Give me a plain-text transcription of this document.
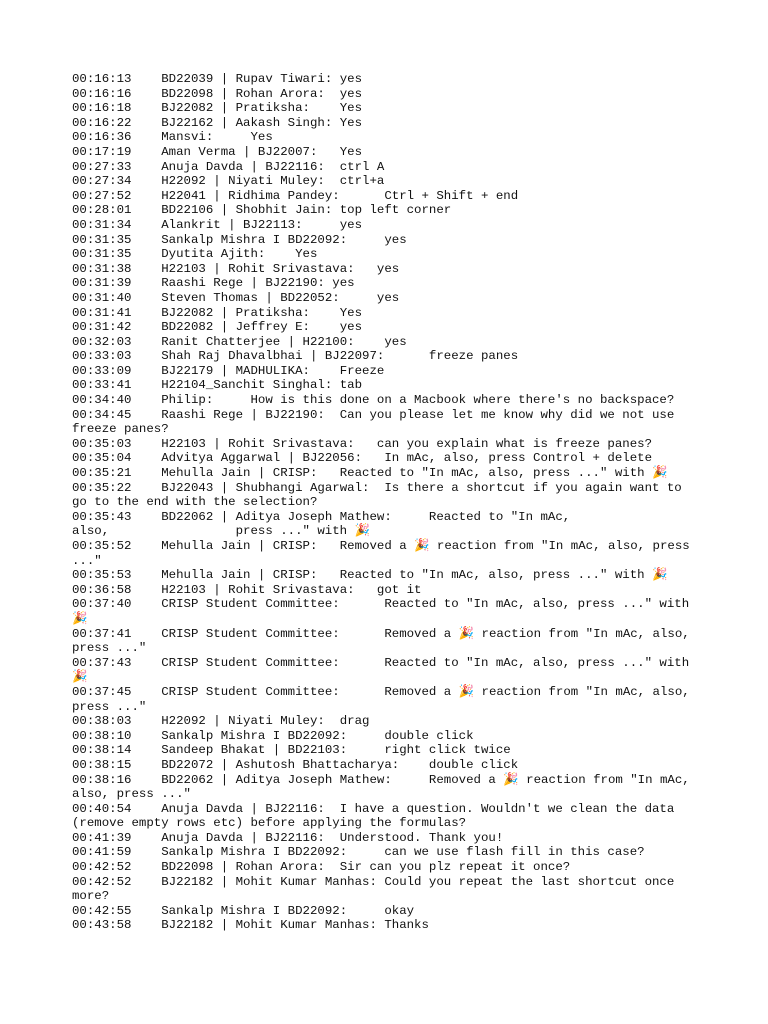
00:16:13 BD22039 | Rupav Tiwari: yes
00:16:16 BD22098 | Rohan Arora:  yes
00:16:18 BJ22082 | Pratiksha:    Yes
00:16:22 BJ22162 | Aakash Singh: Yes
00:16:36 Mansvi:     Yes
00:17:19 Aman Verma | BJ22007:   Yes
00:27:33 Anuja Davda | BJ22116:  ctrl A
00:27:34 H22092 | Niyati Muley:  ctrl+a
00:27:52 H22041 | Ridhima Pandey:      Ctrl + Shift + end
00:28:01 BD22106 | Shobhit Jain: top left corner
00:31:34 Alankrit | BJ22113:     yes
00:31:35 Sankalp Mishra I BD22092:     yes
00:31:35 Dyutita Ajith:    Yes
00:31:38 H22103 | Rohit Srivastava:   yes
00:31:39 Raashi Rege | BJ22190: yes
00:31:40 Steven Thomas | BD22052:     yes
00:31:41 BJ22082 | Pratiksha:    Yes
00:31:42 BD22082 | Jeffrey E:    yes
00:32:03 Ranit Chatterjee | H22100:    yes
00:33:03 Shah Raj Dhavalbhai | BJ22097:      freeze panes
00:33:09 BJ22179 | MADHULIKA:    Freeze
00:33:41 H22104_Sanchit Singhal: tab
00:34:40 Philip:     How is this done on a Macbook where there's no backspace?
00:34:45 Raashi Rege | BJ22190:  Can you please let me know why did we not use freeze panes?
00:35:03 H22103 | Rohit Srivastava:   can you explain what is freeze panes?
00:35:04 Advitya Aggarwal | BJ22056:   In mAc, also, press Control + delete
00:35:21 Mehulla Jain | CRISP:   Reacted to "In mAc, also, press ..." with 🎉
00:35:22 BJ22043 | Shubhangi Agarwal:  Is there a shortcut if you again want to go to the end with the selection?
00:35:43 BD22062 | Aditya Joseph Mathew:     Reacted to "In mAc, also,                 press ..." with 🎉
00:35:52 Mehulla Jain | CRISP:   Removed a 🎉 reaction from "In mAc, also, press ..."
00:35:53 Mehulla Jain | CRISP:   Reacted to "In mAc, also, press ..." with 🎉
00:36:58 H22103 | Rohit Srivastava:   got it
00:37:40 CRISP Student Committee:      Reacted to "In mAc, also, press ..." with 🎉
00:37:41 CRISP Student Committee:      Removed a 🎉 reaction from "In mAc, also, press ..."
00:37:43 CRISP Student Committee:      Reacted to "In mAc, also, press ..." with 🎉
00:37:45 CRISP Student Committee:      Removed a 🎉 reaction from "In mAc, also, press ..."
00:38:03 H22092 | Niyati Muley:  drag
00:38:10 Sankalp Mishra I BD22092:     double click
00:38:14 Sandeep Bhakat | BD22103:     right click twice
00:38:15 BD22072 | Ashutosh Bhattacharya:    double click
00:38:16 BD22062 | Aditya Joseph Mathew:     Removed a 🎉 reaction from "In mAc, also, press ..."
00:40:54 Anuja Davda | BJ22116:  I have a question. Wouldn't we clean the data (remove empty rows etc) before applying the formulas?
00:41:39 Anuja Davda | BJ22116:  Understood. Thank you!
00:41:59 Sankalp Mishra I BD22092:     can we use flash fill in this case?
00:42:52 BD22098 | Rohan Arora:  Sir can you plz repeat it once?
00:42:52 BJ22182 | Mohit Kumar Manhas: Could you repeat the last shortcut once more?
00:42:55 Sankalp Mishra I BD22092:     okay
00:43:58 BJ22182 | Mohit Kumar Manhas: Thanks
